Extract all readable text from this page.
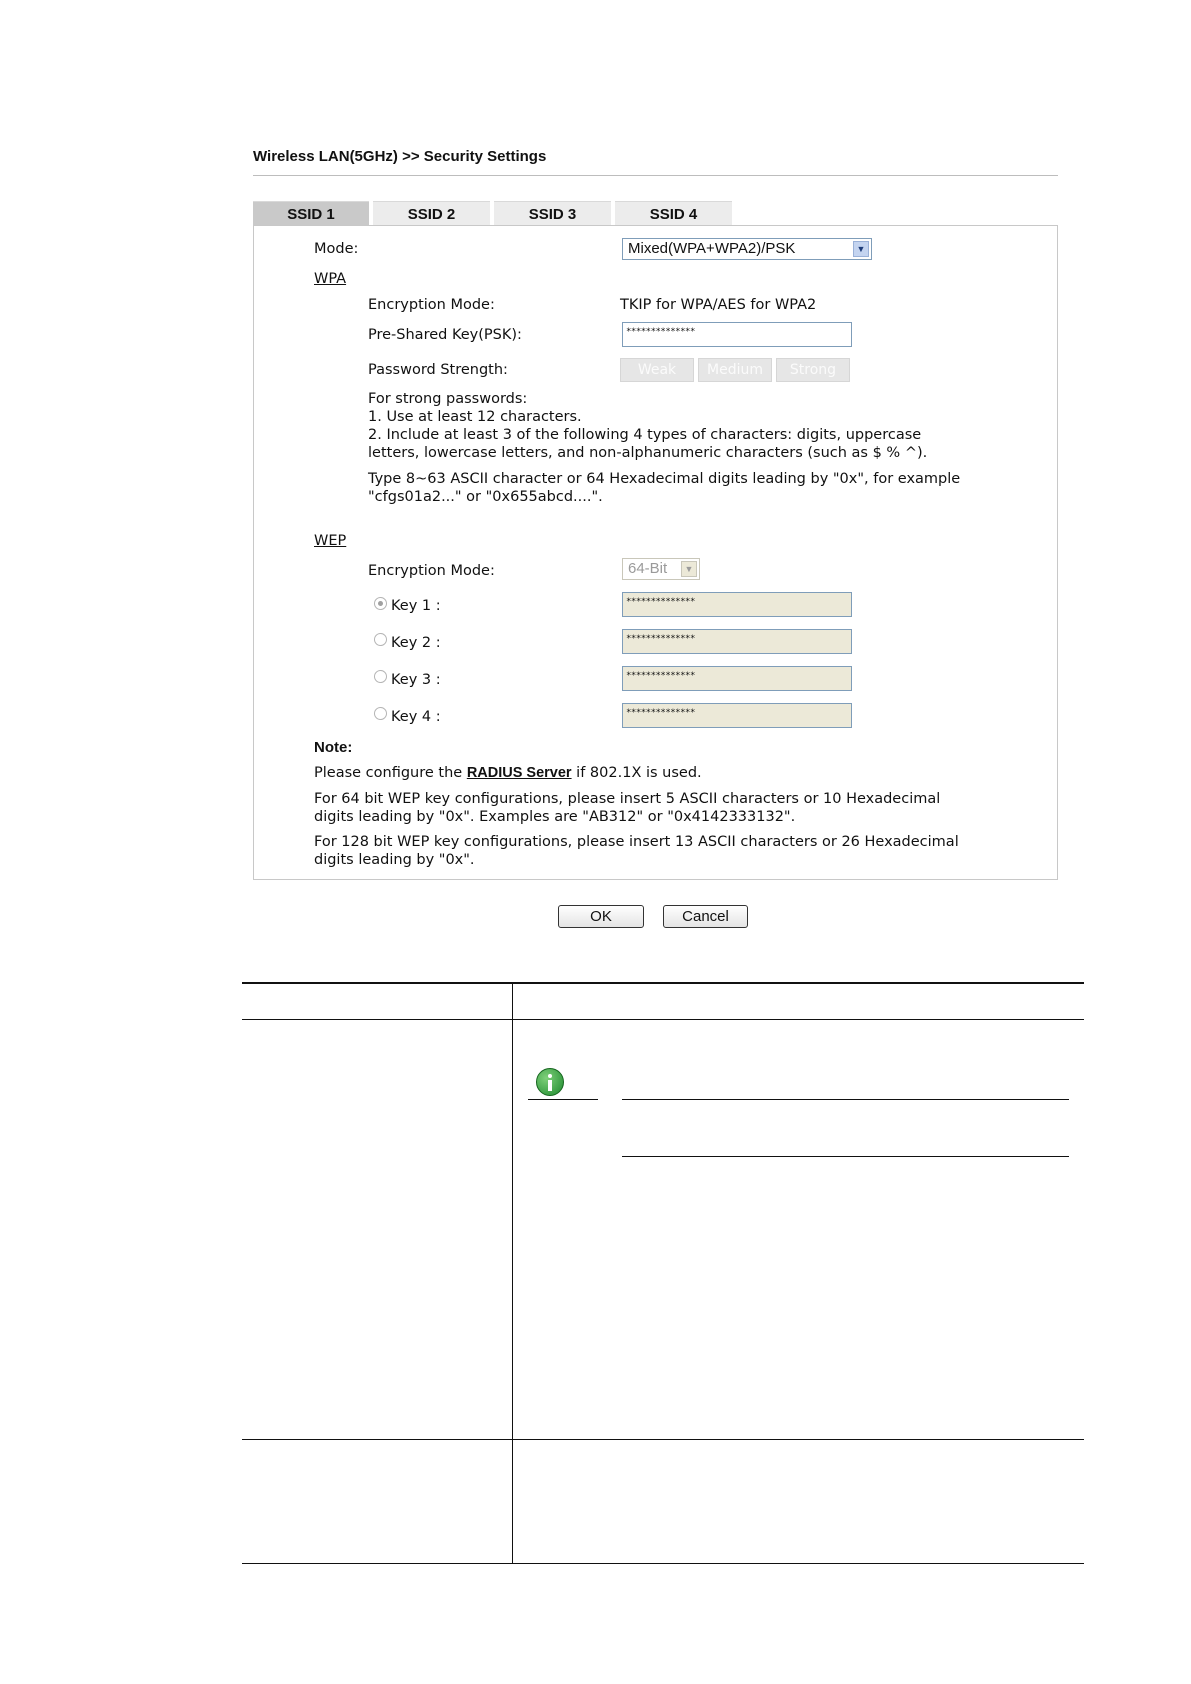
Wireless LAN(5GHz) >> Security Settings
SSID 1	SSID 2	SSID 3	SSID 4
Mode:	Mixed(WPA+WPA2)/PSK	▼
WPA
Encryption Mode:	TKIP for WPA/AES for WPA2
Pre-Shared Key(PSK):	**************
Password Strength:	Weak	Medium	Strong
For strong passwords:
1. Use at least 12 characters.
2. Include at least 3 of the following 4 types of characters: digits, uppercase
letters, lowercase letters, and non-alphanumeric characters (such as $ % ^).
Type 8~63 ASCII character or 64 Hexadecimal digits leading by "0x", for example
"cfgs01a2..." or "0x655abcd....".
WEP
Encryption Mode:	64-Bit	▼
Key 1 :	**************
Key 2 :	**************
Key 3 :	**************
Key 4 :	**************
Note:
Please configure the RADIUS Server if 802.1X is used.
For 64 bit WEP key configurations, please insert 5 ASCII characters or 10 Hexadecimal
digits leading by "0x". Examples are "AB312" or "0x4142333132".
For 128 bit WEP key configurations, please insert 13 ASCII characters or 26 Hexadecimal
digits leading by "0x".
OK	Cancel
